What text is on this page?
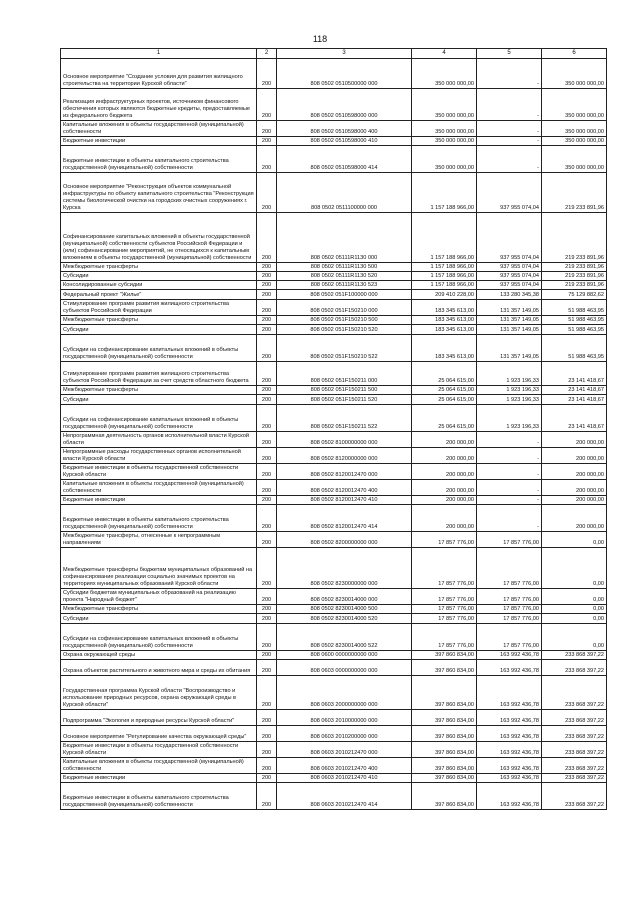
118
1	2	3	4	5	6
Основное мероприятие "Создание условия для развития жилищного строительства на территории Курской области"	200	808 0502 0510500000 000	350 000 000,00	-	350 000 000,00
Реализация инфраструктурных проектов, источником финансового обеспечения которых являются бюджетные кредиты, предоставляемые из федерального бюджета	200	808 0502 0510598000 000	350 000 000,00	-	350 000 000,00
Капитальные вложения в объекты государственной (муниципальной) собственности	200	808 0502 0510598000 400	350 000 000,00	-	350 000 000,00
Бюджетные инвестиции	200	808 0502 0510598000 410	350 000 000,00	-	350 000 000,00
Бюджетные инвестиции в объекты капитального строительства государственной (муниципальной) собственности	200	808 0502 0510598000 414	350 000 000,00	-	350 000 000,00
Основное мероприятие "Реконструкция объектов коммунальной инфраструктуры по объекту капитального строительства "Реконструкция системы биологической очистки на городских очистных сооружениях г. Курска	200	808 0502 0511100000 000	1 157 188 966,00	937 955 074,04	219 233 891,96
Софинансирование капитальных вложений в объекты государственной (муниципальной) собственности субъектов Российской Федерации и (или) софинансирование мероприятий, не относящихся к капитальным вложениям в объекты государственной (муниципальной) собственности	200	808 0502 05111R1130 000	1 157 188 966,00	937 955 074,04	219 233 891,96
Межбюджетные трансферты	200	808 0502 05111R1130 500	1 157 188 966,00	937 955 074,04	219 233 891,96
Субсидии	200	808 0502 05111R1130 520	1 157 188 966,00	937 955 074,04	219 233 891,96
Консолидированные субсидии	200	808 0502 05111R1130 523	1 157 188 966,00	937 955 074,04	219 233 891,96
Федеральный проект "Жилье"	200	808 0502 051F100000 000	209 410 228,00	133 280 345,38	75 129 882,62
Стимулирование программ развития жилищного строительства субъектов Российской Федерации	200	808 0502 051F150210 000	183 345 613,00	131 357 149,05	51 988 463,95
Межбюджетные трансферты	200	808 0502 051F150210 500	183 345 613,00	131 357 149,05	51 988 463,95
Субсидии	200	808 0502 051F150210 520	183 345 613,00	131 357 149,05	51 988 463,95
Субсидии на софинансирование капитальных вложений в объекты государственной (муниципальной) собственности	200	808 0502 051F150210 522	183 345 613,00	131 357 149,05	51 988 463,95
Стимулирование программ развития жилищного строительства субъектов Российской Федерации за счет средств областного бюджета	200	808 0502 051F150211 000	25 064 615,00	1 923 196,33	23 141 418,67
Межбюджетные трансферты	200	808 0502 051F150211 500	25 064 615,00	1 923 196,33	23 141 418,67
Субсидии	200	808 0502 051F150211 520	25 064 615,00	1 923 196,33	23 141 418,67
Субсидии на софинансирование капитальных вложений в объекты государственной (муниципальной) собственности	200	808 0502 051F150211 522	25 064 615,00	1 923 196,33	23 141 418,67
Непрограммная деятельность органов исполнительной власти Курской области	200	808 0502 8100000000 000	200 000,00	-	200 000,00
Непрограммные расходы государственных органов исполнительной власти Курской области	200	808 0502 8120000000 000	200 000,00	-	200 000,00
Бюджетные инвестиции в объекты государственной собственности Курской области	200	808 0502 8120012470 000	200 000,00	-	200 000,00
Капитальные вложения в объекты государственной (муниципальной) собственности	200	808 0502 8120012470 400	200 000,00	-	200 000,00
Бюджетные инвестиции	200	808 0502 8120012470 410	200 000,00	-	200 000,00
Бюджетные инвестиции в объекты капитального строительства государственной (муниципальной) собственности	200	808 0502 8120012470 414	200 000,00	-	200 000,00
Межбюджетные трансферты, отнесенные к непрограммным направлениям	200	808 0502 8200000000 000	17 857 776,00	17 857 776,00	0,00
Межбюджетные трансферты бюджетам муниципальных образований на софинансирование реализации социально значимых проектов на территориях муниципальных образований Курской области	200	808 0502 8230000000 000	17 857 776,00	17 857 776,00	0,00
Субсидии бюджетам муниципальных образований на реализацию проекта "Народный бюджет"	200	808 0502 8230014000 000	17 857 776,00	17 857 776,00	0,00
Межбюджетные трансферты	200	808 0502 8230014000 500	17 857 776,00	17 857 776,00	0,00
Субсидии	200	808 0502 8230014000 520	17 857 776,00	17 857 776,00	0,00
Субсидии на софинансирование капитальных вложений в объекты государственной (муниципальной) собственности	200	808 0502 8230014000 522	17 857 776,00	17 857 776,00	0,00
Охрана окружающей среды	200	808 0600 0000000000 000	397 860 834,00	163 992 436,78	233 868 397,22
Охрана объектов растительного и животного мира и среды их обитания	200	808 0603 0000000000 000	397 860 834,00	163 992 436,78	233 868 397,22
Государственная программа Курской области "Воспроизводство и использование природных ресурсов, охрана окружающей среды в Курской области"	200	808 0603 2000000000 000	397 860 834,00	163 992 436,78	233 868 397,22
Подпрограмма "Экология и природные ресурсы Курской области"	200	808 0603 2010000000 000	397 860 834,00	163 992 436,78	233 868 397,22
Основное мероприятие "Регулирование качества окружающей среды"	200	808 0603 2010200000 000	397 860 834,00	163 992 436,78	233 868 397,22
Бюджетные инвестиции в объекты государственной собственности Курской области	200	808 0603 2010212470 000	397 860 834,00	163 992 436,78	233 868 397,22
Капитальные вложения в объекты государственной (муниципальной) собственности	200	808 0603 2010212470 400	397 860 834,00	163 992 436,78	233 868 397,22
Бюджетные инвестиции	200	808 0603 2010212470 410	397 860 834,00	163 992 436,78	233 868 397,22
Бюджетные инвестиции в объекты капитального строительства государственной (муниципальной) собственности	200	808 0603 2010212470 414	397 860 834,00	163 992 436,78	233 868 397,22
